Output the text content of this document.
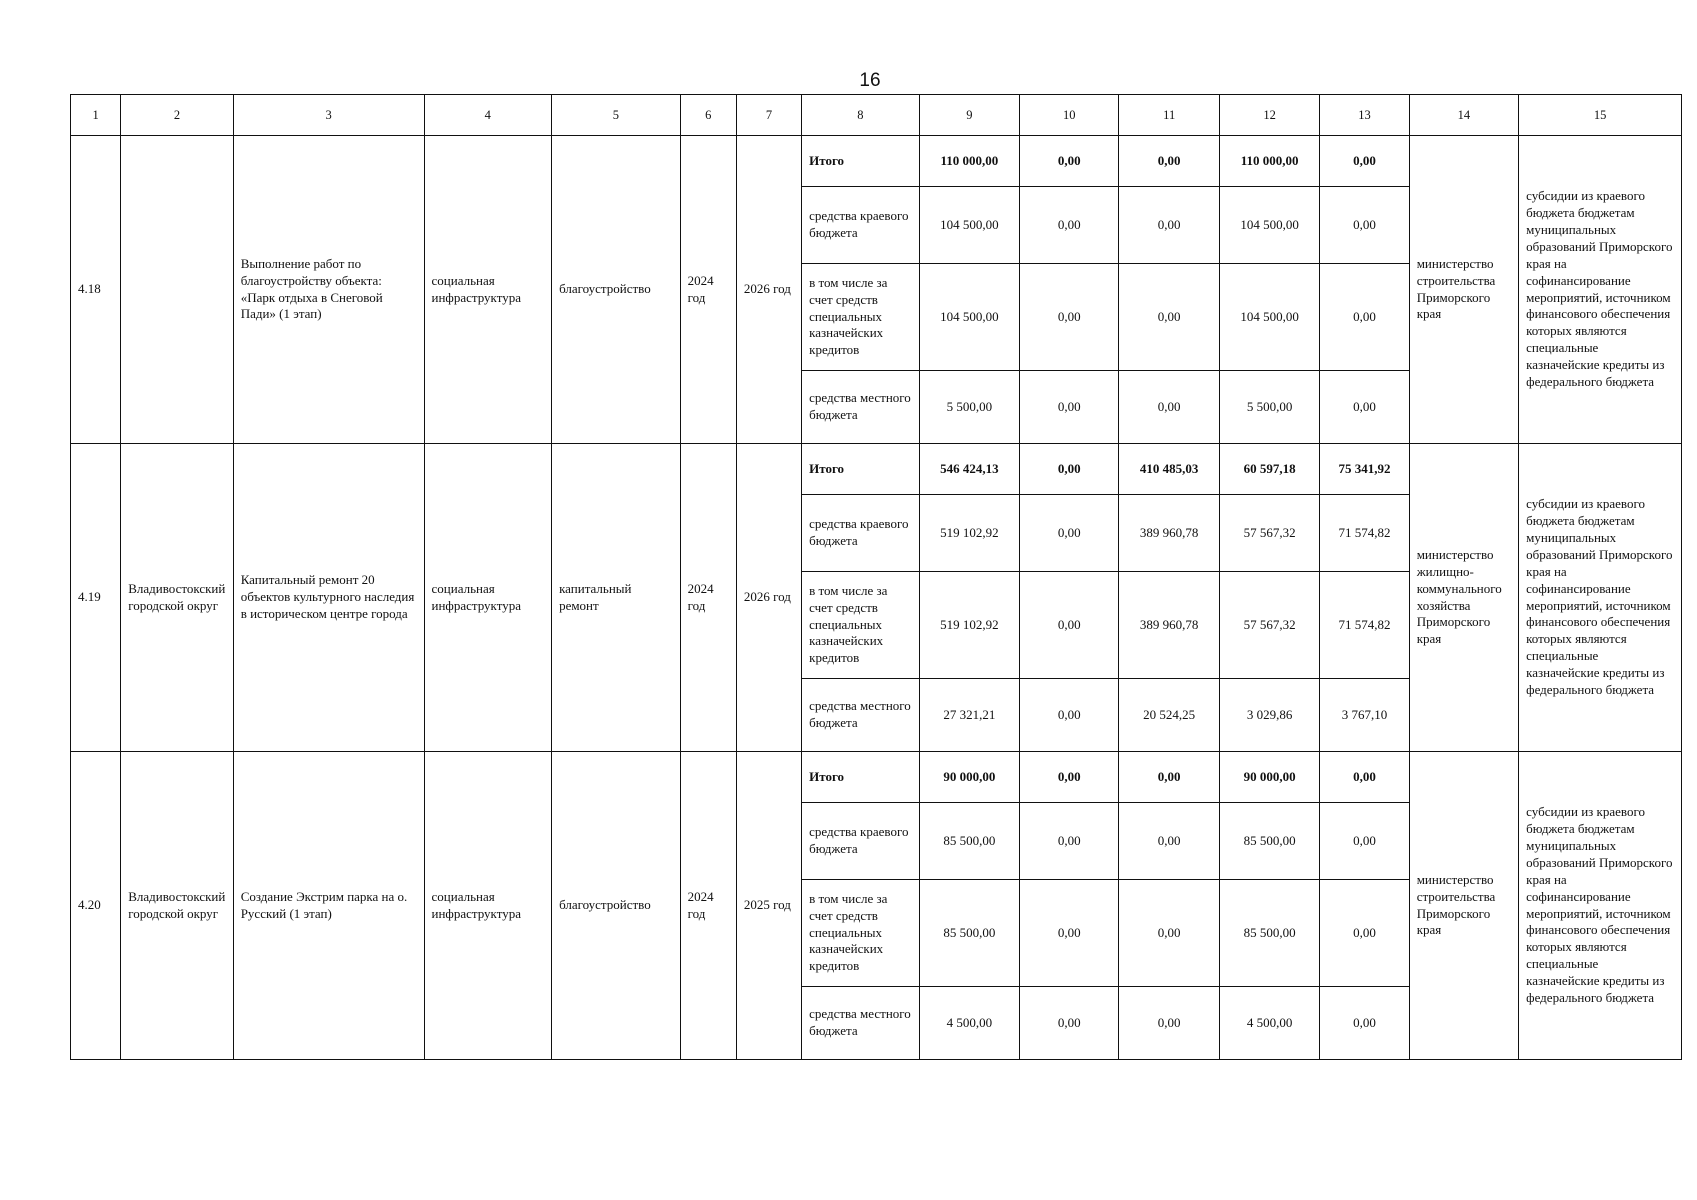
16
1	2	3	4	5	6	7	8	9	10	11	12	13	14	15
4.18		Выполнение работ по благоустройству объекта: «Парк отдыха в Снеговой Пади» (1 этап)	социальная инфраструктура	благоустройство	2024 год	2026 год	Итого	110 000,00	0,00	0,00	110 000,00	0,00	министерство строительства Приморского края	субсидии из краевого бюджета бюджетам муниципальных образований Приморского края на софинансирование мероприятий, источником финансового обеспечения которых являются специальные казначейские кредиты из федерального бюджета
							средства краевого бюджета	104 500,00	0,00	0,00	104 500,00	0,00		
							в том числе за счет средств специальных казначейских кредитов	104 500,00	0,00	0,00	104 500,00	0,00		
							средства местного бюджета	5 500,00	0,00	0,00	5 500,00	0,00		
4.19	Владивостокский городской округ	Капитальный ремонт 20 объектов культурного наследия в историческом центре города	социальная инфраструктура	капитальный ремонт	2024 год	2026 год	Итого	546 424,13	0,00	410 485,03	60 597,18	75 341,92	министерство жилищно-коммунального хозяйства Приморского края	субсидии из краевого бюджета бюджетам муниципальных образований Приморского края на софинансирование мероприятий, источником финансового обеспечения которых являются специальные казначейские кредиты из федерального бюджета
							средства краевого бюджета	519 102,92	0,00	389 960,78	57 567,32	71 574,82		
							в том числе за счет средств специальных казначейских кредитов	519 102,92	0,00	389 960,78	57 567,32	71 574,82		
							средства местного бюджета	27 321,21	0,00	20 524,25	3 029,86	3 767,10		
4.20	Владивостокский городской округ	Создание Экстрим парка на о. Русский (1 этап)	социальная инфраструктура	благоустройство	2024 год	2025 год	Итого	90 000,00	0,00	0,00	90 000,00	0,00	министерство строительства Приморского края	субсидии из краевого бюджета бюджетам муниципальных образований Приморского края на софинансирование мероприятий, источником финансового обеспечения которых являются специальные казначейские кредиты из федерального бюджета
							средства краевого бюджета	85 500,00	0,00	0,00	85 500,00	0,00		
							в том числе за счет средств специальных казначейских кредитов	85 500,00	0,00	0,00	85 500,00	0,00		
							средства местного бюджета	4 500,00	0,00	0,00	4 500,00	0,00		
